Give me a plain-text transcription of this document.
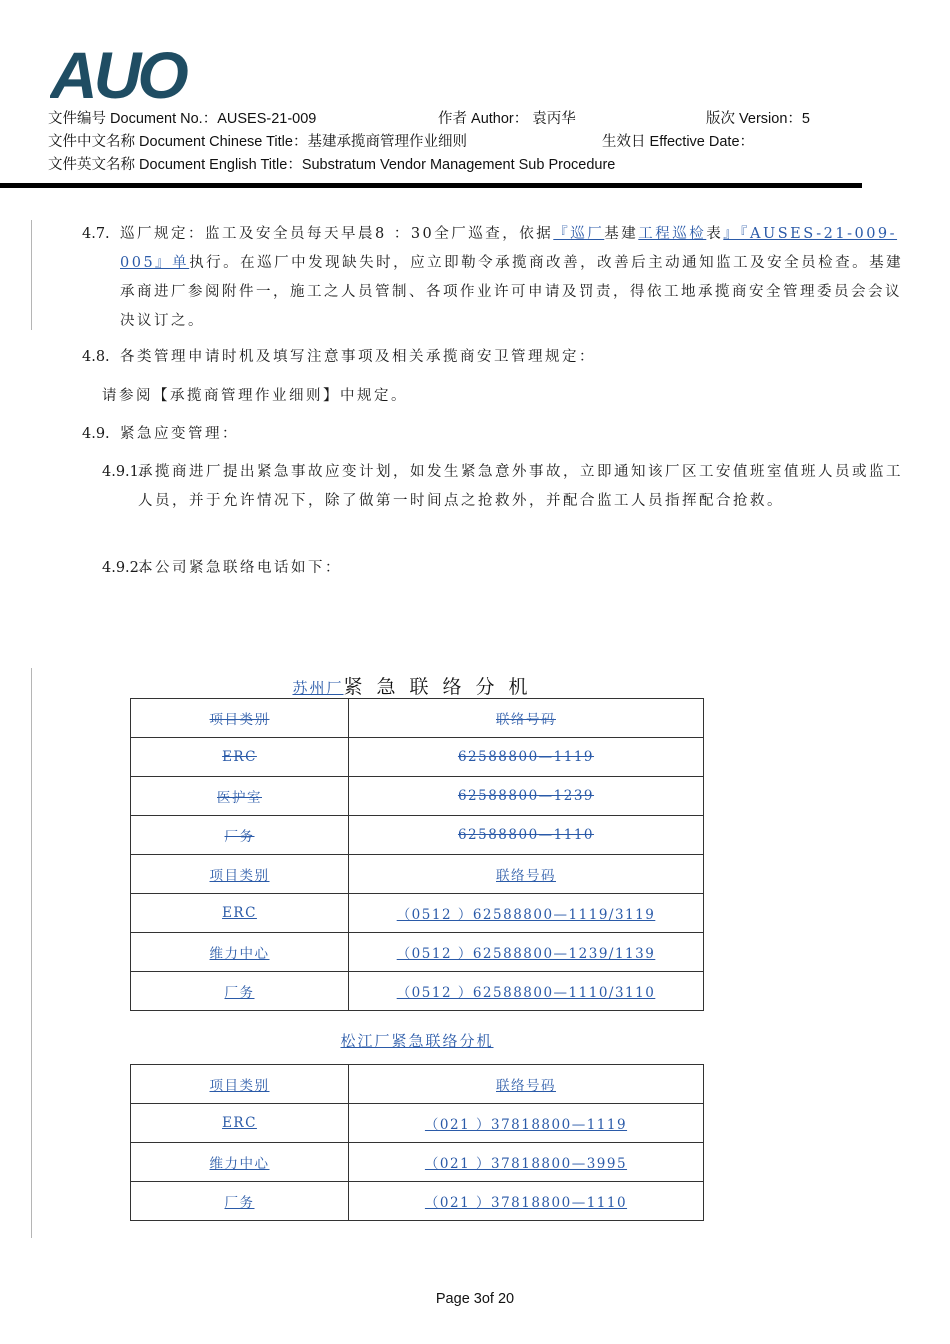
AUO
文件编号 Document No.：AUSES-21-009	作者 Author： 袁丙华	版次 Version：5
文件中文名称 Document Chinese Title：基建承揽商管理作业细则	生效日 Effective Date：
文件英文名称 Document English Title：Substratum Vendor Management Sub Procedure
4.7. 巡厂规定：监工及安全员每天早晨8 ：30全厂巡查，依据『巡厂基建工程巡检表』『AUSES-21-009-005』单执行。在巡厂中发现缺失时，应立即勒令承揽商改善，改善后主动通知监工及安全员检查。基建承商进厂参阅附件一，施工之人员管制、各项作业许可申请及罚责，得依工地承揽商安全管理委员会会议决议订之。
4.8. 各类管理申请时机及填写注意事项及相关承揽商安卫管理规定：
请参阅【承揽商管理作业细则】中规定。
4.9. 紧急应变管理：
4.9.1.
承揽商进厂提出紧急事故应变计划，如发生紧急意外事故，立即通知该厂区工安值班室值班人员或监工人员，并于允许情况下，除了做第一时间点之抢救外，并配合监工人员指挥配合抢救。
4.9.2.
本公司紧急联络电话如下：
苏州厂紧急联络分机
项目类别	联络号码
ERC	62588800—1119
医护室	62588800—1239
厂务	62588800—1110
项目类别	联络号码
ERC	（0512 ）62588800—1119/3119
维力中心	（0512 ）62588800—1239/1139
厂务	（0512 ）62588800—1110/3110
松江厂紧急联络分机
项目类别	联络号码
ERC	（021 ）37818800—1119
维力中心	（021 ）37818800—3995
厂务	（021 ）37818800—1110
Page 3of 20
